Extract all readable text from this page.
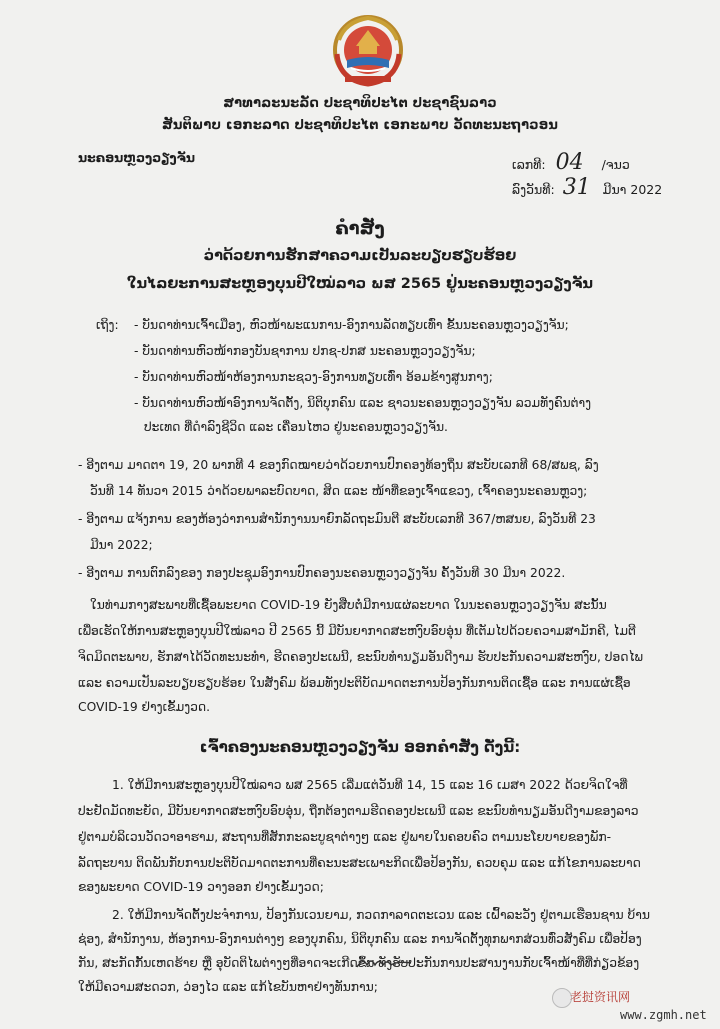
ສາທາລະນະລັດ ປະຊາທິປະໄຕ ປະຊາຊົນລາວ
ສັນຕິພາບ ເອກະລາດ ປະຊາທິປະໄຕ ເອກະພາບ ວັດທະນະຖາວອນ
ນະຄອນຫຼວງວຽງຈັນ	ເລກທີ: 04 /ຈນວ
ລົງວັນທີ: 31 ມີນາ 2022
ຄໍາສັ່ງ
ວ່າດ້ວຍການຮັກສາຄວາມເປັນລະບຽບຮຽບຮ້ອຍ
ໃນໄລຍະການສະຫຼອງບຸນປີໃໝ່ລາວ ພສ 2565 ຢູ່ນະຄອນຫຼວງວຽງຈັນ
ເຖິງ: - ບັນດາທ່ານເຈົ້າເມືອງ, ຫົວໜ້າພະແນການ-ອົງການລັດທຽບເທົ່າ ຂັ້ນນະຄອນຫຼວງວຽງຈັນ;
- ບັນດາທ່ານຫົວໜ້າກອງບັນຊາການ ປກຊ-ປກສ ນະຄອນຫຼວງວຽງຈັນ;
- ບັນດາທ່ານຫົວໜ້າຫ້ອງການກະຊວງ-ອົງການທຽບເທົ່າ ອ້ອມຂ້າງສູນກາງ;
- ບັນດາທ່ານຫົວໜ້າອົງການຈັດຕັ້ງ, ນິຕິບຸກຄົນ ແລະ ຊາວນະຄອນຫຼວງວຽງຈັນ ລວມທັງຄົນຕ່າງ
ປະເທດ ທີ່ດໍາລົງຊີວິດ ແລະ ເຄື່ອນໄຫວ ຢູ່ນະຄອນຫຼວງວຽງຈັນ.
- ອີງຕາມ ມາດຕາ 19, 20 ພາກທີ 4 ຂອງກົດໝາຍວ່າດ້ວຍການປົກຄອງທ້ອງຖິ່ນ ສະບັບເລກທີ 68/ສພຊ, ລົງ
ວັນທີ 14 ທັນວາ 2015 ວ່າດ້ວຍພາລະບົດບາດ, ສິດ ແລະ ໜ້າທີ່ຂອງເຈົ້າແຂວງ, ເຈົ້າຄອງນະຄອນຫຼວງ;
- ອີງຕາມ ແຈ້ງການ ຂອງຫ້ອງວ່າການສໍານັກງານນາຍົກລັດຖະມົນຕີ ສະບັບເລກທີ 367/ຫສນຍ, ລົງວັນທີ 23
ມີນາ 2022;
- ອີງຕາມ ການຕົກລົງຂອງ ກອງປະຊຸມອົງການປົກຄອງນະຄອນຫຼວງວຽງຈັນ ຄັ້ງວັນທີ 30 ມີນາ 2022.
ໃນທ່າມກາງສະພາບທີ່ເຊື້ອພະຍາດ COVID-19 ຍັງສືບຕໍ່ມີການແຜ່ລະບາດ ໃນນະຄອນຫຼວງວຽງຈັນ ສະນັ້ນ
ເພື່ອເຮັດໃຫ້ການສະຫຼອງບຸນປີໃໝ່ລາວ ປີ 2565 ນີ້ ມີບັນຍາກາດສະຫງົບອົບອຸ່ນ ທີ່ເຕັມໄປດ້ວຍຄວາມສາມັກຄີ, ໄມຕີ
ຈິດມິດຕະພາບ, ຮັກສາໄດ້ວັດທະນະທໍາ, ຮີດຄອງປະເພນີ, ຂະນົບທໍານຽມອັນດີງາມ ຮັບປະກັນຄວາມສະຫງົບ, ປອດໄພ
ແລະ ຄວາມເປັນລະບຽບຮຽບຮ້ອຍ ໃນສັງຄົມ ພ້ອມທັງປະຕິບັດມາດຕະການປ້ອງກັນການຕິດເຊື້ອ ແລະ ການແຜ່ເຊື້ອ
COVID-19 ຢ່າງເຂັ້ມງວດ.
ເຈົ້າຄອງນະຄອນຫຼວງວຽງຈັນ ອອກຄໍາສັ່ງ ດັ່ງນີ້:
1. ໃຫ້ມີການສະຫຼອງບຸນປີໃໝ່ລາວ ພສ 2565 ເລີ່ມແຕ່ວັນທີ 14, 15 ແລະ 16 ເມສາ 2022 ດ້ວຍຈິດໃຈທີ່
ປະຢັດມັດທະຍັດ, ມີບັນຍາກາດສະຫງົບອົບອຸ່ນ, ຖືກຕ້ອງຕາມຮີດຄອງປະເພນີ ແລະ ຂະນົບທໍານຽມອັນດີງາມຂອງລາວ
ຢູ່ຕາມບໍລິເວນວັດວາອາຮາມ, ສະຖານທີ່ສັກກະລະບູຊາຕ່າງໆ ແລະ ຢູ່ພາຍໃນຄອບຄົວ ຕາມນະໂຍບາຍຂອງພັກ-
ລັດຖະບານ ຕິດພັນກັບການປະຕິບັດມາດຕະການທີ່ຄະນະສະເພາະກິດເພື່ອປ້ອງກັນ, ຄວບຄຸມ ແລະ ແກ້ໄຂການລະບາດ
ຂອງພະຍາດ COVID-19 ວາງອອກ ຢ່າງເຂັ້ມງວດ;
2. ໃຫ້ມີການຈັດຕັ້ງປະຈໍາການ, ປ້ອງກັນເວນຍາມ, ກວດກາລາດຕະເວນ ແລະ ເຝົ້າລະວັງ ຢູ່ຕາມເຮືອນຊານ ບ້ານ
ຊ່ອງ, ສໍານັກງານ, ຫ້ອງການ-ອົງການຕ່າງໆ ຂອງບຸກຄົນ, ນິຕິບຸກຄົນ ແລະ ການຈັດຕັ້ງທຸກພາກສ່ວນທົ່ວສັງຄົມ ເພື່ອປ້ອງ
ກັນ, ສະກັດກັ້ນເຫດຮ້າຍ ຫຼື ອຸບັດຕິໄພຕ່າງໆທີ່ອາດຈະເກີດຂຶ້ນ ທັງຮັບປະກັນການປະສານງານກັບເຈົ້າໜ້າທີ່ທີ່ກ່ຽວຂ້ອງ
ໃຫ້ມີຄວາມສະດວກ, ວ່ອງໄວ ແລະ ແກ້ໄຂບັນຫາຢ່າງທັນການ;
老挝资讯网
www.zgmh.net
